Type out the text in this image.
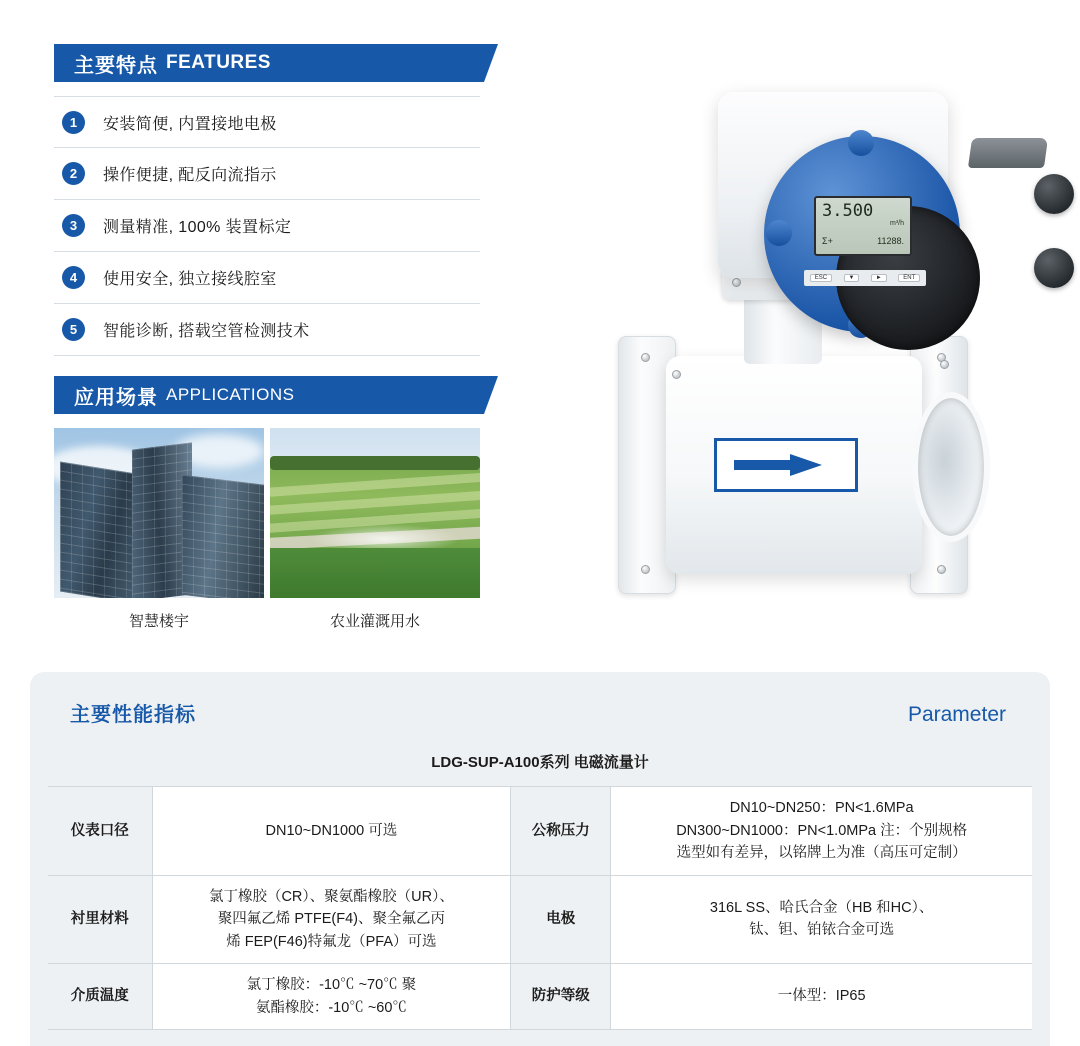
主要特点 FEATURES
1	安装简便, 内置接地电极
2	操作便捷, 配反向流指示
3	测量精准, 100% 装置标定
4	使用安全, 独立接线腔室
5	智能诊断, 搭载空管检测技术
应用场景 APPLICATIONS
智慧楼宇	农业灌溉用水
3.500
m³/h
Σ+	11288.
ESC	▼	►	ENT
主要性能指标	Parameter
LDG-SUP-A100系列 电磁流量计			
仪表口径	DN10~DN1000 可选	公称压力	DN10~DN250：PN<1.6MPa
DN300~DN1000：PN<1.0MPa 注：个别规格
选型如有差异，以铭牌上为准（高压可定制）
衬里材料	氯丁橡胶（CR）、聚氨酯橡胶（UR）、
聚四氟乙烯 PTFE(F4)、聚全氟乙丙
烯 FEP(F46)特氟龙（PFA）可选	电极	316L SS、哈氏合金（HB 和HC）、
钛、钽、铂铱合金可选
介质温度	氯丁橡胶：-10℃ ~70℃ 聚
氨酯橡胶：-10℃ ~60℃	防护等级	一体型：IP65
